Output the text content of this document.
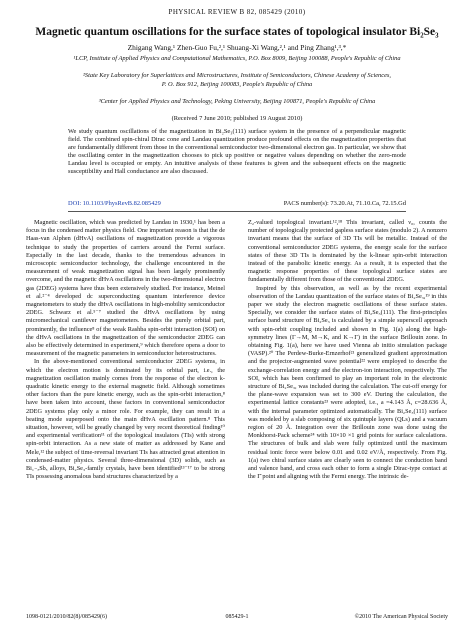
PHYSICAL REVIEW B 82, 085429 (2010)
Magnetic quantum oscillations for the surface states of topological insulator Bi₂Se₃
Zhigang Wang,¹ Zhen-Guo Fu,²,¹ Shuang-Xi Wang,²,¹ and Ping Zhang¹,³,*
¹LCP, Institute of Applied Physics and Computational Mathematics, P.O. Box 8009, Beijing 100088, People's Republic of China
²State Key Laboratory for Superlattices and Microstructures, Institute of Semiconductors, Chinese Academy of Sciences,
P. O. Box 912, Beijing 100083, People's Republic of China
³Center for Applied Physics and Technology, Peking University, Beijing 100871, People's Republic of China
(Received 7 June 2010; published 19 August 2010)
We study quantum oscillations of the magnetization in Bi₂Se₃(111) surface system in the presence of a perpendicular magnetic field. The combined spin-chiral Dirac cone and Landau quantization produce profound effects on the magnetization properties that are fundamentally different from those in the conventional semiconductor two-dimensional electron gas. In particular, we show that the oscillating center in the magnetization chooses to pick up positive or negative values depending on whether the zero-mode Landau level is occupied or empty. An intuitive analysis of these features is given and the subsequent effects on the magnetic susceptibility and Hall conductance are also discussed.
DOI: 10.1103/PhysRevB.82.085429	PACS number(s): 73.20.At, 71.10.Ca, 72.15.Gd

Magnetic oscillation, which was predicted by Landau in 1930,¹ has been a focus in the condensed matter physics field. One important reason is that the de Haas-van Alphen (dHvA) oscillations of magnetization provide a vigorous technique to study the properties of carriers around the Fermi surface. Especially in the last decade, thanks to the tremendous advances in microscopic semiconductor technology, the challenge encountered in the measurement of weak magnetization signal has been largely prominently overcome, and the magnetic dHvA oscillations in the two-dimensional electron gas (2DEG) systems have thus been extensively studied. For instance, Meinel et al.²⁻⁴ developed dc superconducting quantum interference device magnetometers to study the dHvA oscillations in high-mobility semiconductor 2DEG. Schwarz et al.⁵⁻⁷ studied the dHvA oscillations by using micromechanical cantilever magnetometers. Besides the purely orbital part, prominently, the influence⁸ of the weak Rashba spin-orbit interaction (SOI) on the dHvA oscillations in the magnetization of the semiconductor 2DEG can also be effectively determined in experiment,⁹ which therefore opens a door to measurement of the magnetic parameters in semiconductor heterostructures.

In the above-mentioned conventional semiconductor 2DEG systems, in which the electron motion is dominated by its orbital part, i.e., the magnetization oscillation mainly comes from the response of the electron k-quadratic kinetic energy to the external magnetic field. Although sometimes other factors than the pure kinetic energy, such as the spin-orbit interaction,⁸ have been taken into account, these factors in conventional semiconductor 2DEG systems play only a minor role. For example, they can result in a beating mode superposed onto the main dHvA oscillation pattern.⁸ This situation, however, will be greatly changed by very recent theoretical finding¹⁰ and experimental verification¹¹ of the topological insulators (TIs) with strong spin-orbit interaction. As a new state of matter as addressed by Kane and Mele,¹² the subject of time-reversal invariant TIs has attracted great attention in condensed-matter physics. Several three-dimensional (3D) solids, such as Bi₁₋ₓSbₓ alloys, Bi₂Se₃-family crystals, have been identified¹³⁻¹⁷ to be strong TIs possessing anomalous band structures characterized by a

Z₂-valued topological invariant.¹²,¹⁸ This invariant, called ν₀, counts the number of topologically protected gapless surface states (modulo 2). A nonzero invariant means that the surface of 3D TIs will be metallic. Instead of the conventional semiconductor 2DEG systems, the energy scale for the surface states of these 3D TIs is dominated by the k-linear spin-orbit interaction instead of the parabolic kinetic energy. As a result, it is expected that the magnetic response properties of these topological surface states are fundamentally different from those of the conventional 2DEG.

Inspired by this observation, as well as by the recent experimental observation of the Landau quantization of the surface states of Bi₂Se₃,¹⁹ in this paper we study the electron magnetic oscillations of these surface states. Specially, we consider the surface states of Bi₂Se₃(111). The first-principles surface band structure of Bi₂Se₃ is calculated by a simple superscell approach with spin-orbit coupling included and shown in Fig. 1(a) along the high-symmetry lines (Γ→M, M→K, and K→Γ) in the surface Brillouin zone. In obtaining Fig. 1(a), here we have used Vienna ab initio simulation package (VASP).²⁰ The Perdew-Burke-Ernzerhof²¹ generalized gradient approximation and the projector-augmented wave potential²² were employed to describe the exchange-correlation energy and the electron-ion interaction, respectively. The SOI, which has been confirmed to play an important role in the electronic structure of Bi₂Se₃, was included during the calculation. The cut-off energy for the plane-wave expansion was set to 300 eV. During the calculation, the experimental lattice constants²³ were adopted, i.e., a =4.143 Å, c=28.636 Å, with the internal parameter optimized automatically. The Bi₂Se₃(111) surface was modeled by a slab composing of six quintuple layers (QLs) and a vacuum region of 20 Å. Integration over the Brillouin zone was done using the Monkhorst-Pack scheme²⁴ with 10×10 ×1 grid points for surface calculations. The structures of bulk and slab were fully optimized until the maximum residual ionic force were below 0.01 and 0.02 eV/Å, respectively. From Fig. 1(a) two chiral surface states are clearly seen to connect the conduction band and valence band, and cross each other to form a single Dirac-type contact at the Γ̄ point and aligning with the Fermi energy. The intrinsic de-

1098-0121/2010/82(8)/085429(6)	085429-1	©2010 The American Physical Society
